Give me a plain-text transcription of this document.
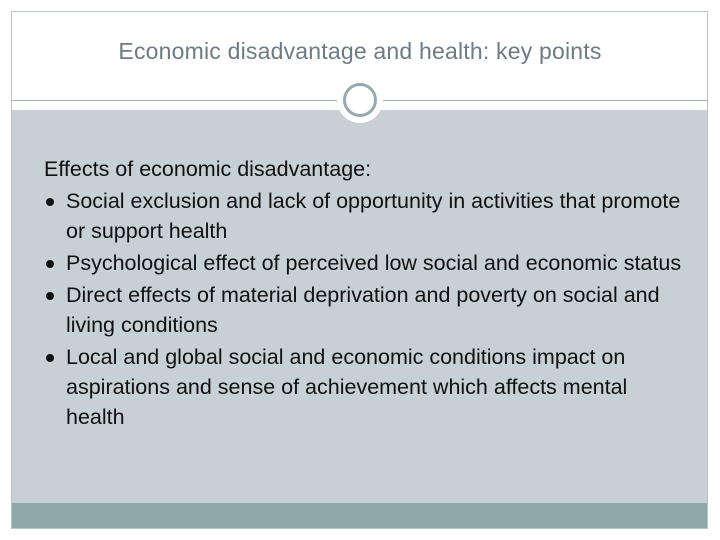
Economic disadvantage and health: key points

Effects of economic disadvantage:

Social exclusion and lack of opportunity in activities that promote or support health
Psychological effect of perceived low social and economic status
Direct effects of material deprivation and poverty on social and living conditions
Local and global social and economic conditions impact on aspirations and sense of achievement which affects mental health
